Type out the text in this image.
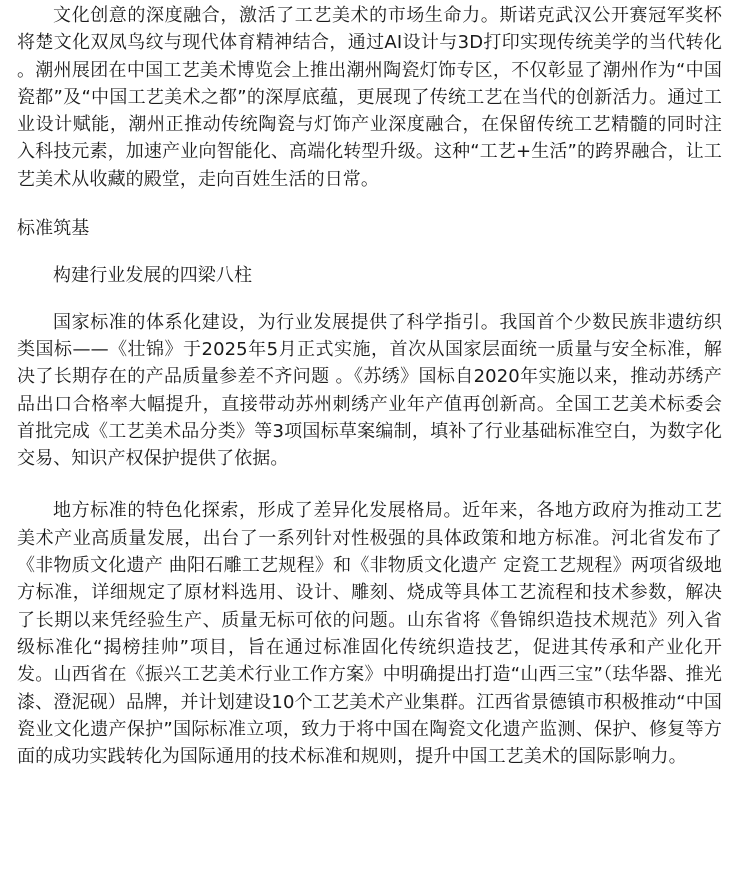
文化创意的深度融合，激活了工艺美术的市场生命力。斯诺克武汉公开赛冠军奖杯将楚文化双凤鸟纹与现代体育精神结合，通过AI设计与3D打印实现传统美学的当代转化 。潮州展团在中国工艺美术博览会上推出潮州陶瓷灯饰专区，不仅彰显了潮州作为“中国瓷都”及“中国工艺美术之都”的深厚底蕴，更展现了传统工艺在当代的创新活力。通过工业设计赋能，潮州正推动传统陶瓷与灯饰产业深度融合，在保留传统工艺精髓的同时注入科技元素，加速产业向智能化、高端化转型升级。这种“工艺+生活”的跨界融合，让工艺美术从收藏的殿堂，走向百姓生活的日常。

标准筑基

构建行业发展的四梁八柱

国家标准的体系化建设，为行业发展提供了科学指引。我国首个少数民族非遗纺织类国标——《壮锦》于2025年5月正式实施，首次从国家层面统一质量与安全标准，解决了长期存在的产品质量参差不齐问题 。《苏绣》国标自2020年实施以来，推动苏绣产品出口合格率大幅提升，直接带动苏州刺绣产业年产值再创新高。全国工艺美术标委会首批完成《工艺美术品分类》等3项国标草案编制，填补了行业基础标准空白，为数字化交易、知识产权保护提供了依据。

地方标准的特色化探索，形成了差异化发展格局。近年来，各地方政府为推动工艺美术产业高质量发展，出台了一系列针对性极强的具体政策和地方标准。河北省发布了《非物质文化遗产 曲阳石雕工艺规程》和《非物质文化遗产 定瓷工艺规程》两项省级地方标准，详细规定了原材料选用、设计、雕刻、烧成等具体工艺流程和技术参数，解决了长期以来凭经验生产、质量无标可依的问题。山东省将《鲁锦织造技术规范》列入省级标准化“揭榜挂帅”项目，旨在通过标准固化传统织造技艺，促进其传承和产业化开发。山西省在《振兴工艺美术行业工作方案》中明确提出打造“山西三宝”（珐华器、推光漆、澄泥砚）品牌，并计划建设10个工艺美术产业集群。江西省景德镇市积极推动“中国瓷业文化遗产保护”国际标准立项，致力于将中国在陶瓷文化遗产监测、保护、修复等方面的成功实践转化为国际通用的技术标准和规则，提升中国工艺美术的国际影响力。
